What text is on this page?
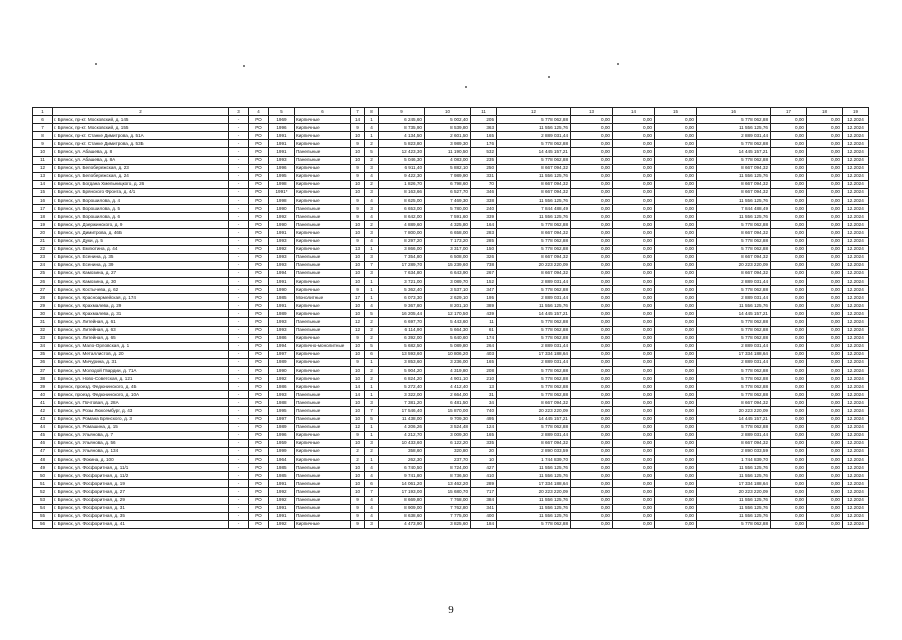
1	2	3	4	5	6	7	8	9	10	11	12	13	14	15	16	17	18	19
6	г. Брянск, пр-кт. Московский, д. 145	-	РО	1969	Кирпичные	14	1	6 245,60	5 002,40	205	5 778 062,88	0,00	0,00	0,00	5 778 062,88	0,00	0,00	12.2024
7	г. Брянск, пр-кт. Московский, д. 155	-	РО	1996	Кирпичные	9	4	8 735,90	8 539,80	363	11 556 125,76	0,00	0,00	0,00	11 556 125,76	0,00	0,00	12.2024
8	г. Брянск, пр-кт. Станке Димитрова, д. 51А	-	РО	1991	Кирпичные	10	1	4 134,50	2 601,50	165	2 889 031,44	0,00	0,00	0,00	2 889 031,44	0,00	0,00	12.2024
9	г. Брянск, пр-кт. Станке Димитрова, д. 53Б	-	РО	1991	Кирпичные	9	2	5 823,80	3 989,30	176	5 778 062,88	0,00	0,00	0,00	5 778 062,88	0,00	0,00	12.2024
10	г. Брянск, ул. Абашева, д. 8	-	РО	1991	Панельные	10	5	12 423,30	11 190,50	532	14 445 157,21	0,00	0,00	0,00	14 445 157,21	0,00	0,00	12.2024
11	г. Брянск, ул. Абашева, д. 8А	-	РО	1993	Панельные	10	2	5 046,30	4 083,00	235	5 778 062,88	0,00	0,00	0,00	5 778 062,88	0,00	0,00	12.2024
12	г. Брянск, ул. Белобережская, д. 23	-	РО	1996	Кирпичные	9	3	6 911,40	5 882,10	250	8 667 094,32	0,00	0,00	0,00	8 667 094,32	0,00	0,00	12.2024
13	г. Брянск, ул. Белобережская, д. 24	-	РО	1995	Кирпичные	9	4	9 422,30	7 989,90	331	11 556 125,76	0,00	0,00	0,00	11 556 125,76	0,00	0,00	12.2024
14	г. Брянск, ул. Богдана Хмельницкого, д. 26	-	РО	1998	Кирпичные	10	2	1 826,70	6 798,60	70	8 667 094,32	0,00	0,00	0,00	8 667 094,32	0,00	0,00	12.2024
15	г. Брянск, ул. Брянского Фронта, д. 4/1	-	РО	1991*	Кирпичные	10	3	8 163,66	6 527,70	346	8 667 094,32	0,00	0,00	0,00	8 667 094,32	0,00	0,00	12.2024
16	г. Брянск, ул. Ворошилова, д. 4	-	РО	1998	Кирпичные	9	4	8 625,00	7 469,30	338	11 556 125,76	0,00	0,00	0,00	11 556 125,76	0,00	0,00	12.2024
17	г. Брянск, ул. Ворошилова, д. 5	-	РО	1990	Панельные	9	3	6 653,00	5 780,00	240	7 844 488,49	0,00	0,00	0,00	7 844 488,49	0,00	0,00	12.2024
18	г. Брянск, ул. Ворошилова, д. 6	-	РО	1992	Панельные	9	4	8 642,00	7 591,60	339	11 556 125,76	0,00	0,00	0,00	11 556 125,76	0,00	0,00	12.2024
19	г. Брянск, ул. Дзержинского, д. 9	-	РО	1990	Панельные	10	2	4 889,60	4 325,80	164	5 778 062,88	0,00	0,00	0,00	5 778 062,88	0,00	0,00	12.2024
20	г. Брянск, ул. Димитрова, д. 46Б	-	РО	1991	Кирпичные	10	3	7 800,00	6 658,00	283	8 667 094,32	0,00	0,00	0,00	8 667 094,32	0,00	0,00	12.2024
21	г. Брянск, ул. Дуки, д. 5	-	РО	1993	Кирпичные	9	4	8 297,20	7 173,20	285	5 778 062,88	0,00	0,00	0,00	5 778 062,88	0,00	0,00	12.2024
22	г. Брянск, ул. Емлютина, д. 44	-	РО	1992	Кирпичные	13	1	3 866,00	3 317,00	150	5 778 062,88	0,00	0,00	0,00	5 778 062,88	0,00	0,00	12.2024
23	г. Брянск, ул. Есенина, д. 35	-	РО	1993	Панельные	10	3	7 354,80	6 508,00	326	8 667 094,32	0,00	0,00	0,00	8 667 094,32	0,00	0,00	12.2024
24	г. Брянск, ул. Есенина, д. 39	-	РО	1993	Панельные	10	7	17 289,70	15 239,60	738	20 223 220,09	0,00	0,00	0,00	20 223 220,09	0,00	0,00	12.2024
25	г. Брянск, ул. Камозина, д. 27	-	РО	1994	Панельные	10	3	7 634,80	6 643,90	267	8 667 094,32	0,00	0,00	0,00	8 667 094,32	0,00	0,00	12.2024
26	г. Брянск, ул. Камозина, д. 30	-	РО	1991	Кирпичные	10	1	3 721,00	3 089,70	152	2 889 031,44	0,00	0,00	0,00	2 889 031,44	0,00	0,00	12.2024
27	г. Брянск, ул. Костычева, д. 62	-	РО	1990	Кирпичные	9	1	5 362,40	3 537,10	347	5 778 062,88	0,00	0,00	0,00	5 778 062,88	0,00	0,00	12.2024
28	г. Брянск, ул. Красноармейская, д. 174	-	РО	1985	Монолитные	17	1	6 073,30	2 629,10	195	2 889 031,44	0,00	0,00	0,00	2 889 031,44	0,00	0,00	12.2024
29	г. Брянск, ул. Крахмалева, д. 29	-	РО	1991	Кирпичные	10	4	9 367,80	8 201,10	389	11 556 125,76	0,00	0,00	0,00	11 556 125,76	0,00	0,00	12.2024
30	г. Брянск, ул. Крахмалева, д. 31	-	РО	1989	Кирпичные	10	5	16 205,44	12 170,50	439	14 445 157,21	0,00	0,00	0,00	14 445 157,21	0,00	0,00	12.2024
31	г. Брянск, ул. Литейная, д. 61	-	РО	1993	Панельные	12	2	6 697,70	5 443,60	11	5 778 062,88	0,00	0,00	0,00	5 778 062,88	0,00	0,00	12.2024
32	г. Брянск, ул. Литейная, д. 63	-	РО	1993	Панельные	12	2	6 114,90	5 664,30	61	5 778 062,88	0,00	0,00	0,00	5 778 062,88	0,00	0,00	12.2024
33	г. Брянск, ул. Литейная, д. 65	-	РО	1986	Кирпичные	9	2	6 392,00	5 640,60	174	5 778 062,88	0,00	0,00	0,00	5 778 062,88	0,00	0,00	12.2024
34	г. Брянск, ул. Мало-Орловская, д. 1	-	РО	1994	Кирпично-монолитные	10	5	5 682,50	5 089,80	264	2 889 031,44	0,00	0,00	0,00	2 889 031,44	0,00	0,00	12.2024
35	г. Брянск, ул. Металлистов, д. 20	-	РО	1997	Кирпичные	10	6	13 593,60	10 806,20	403	17 334 188,64	0,00	0,00	0,00	17 334 188,64	0,00	0,00	12.2024
36	г. Брянск, ул. Мичурина, д. 31	-	РО	1989	Кирпичные	9	1	3 853,60	3 236,00	165	2 889 031,44	0,00	0,00	0,00	2 889 031,44	0,00	0,00	12.2024
37	г. Брянск, ул. Молодой Гвардии, д. 71А	-	РО	1990	Кирпичные	10	2	5 904,20	4 319,80	208	5 778 062,88	0,00	0,00	0,00	5 778 062,88	0,00	0,00	12.2024
38	г. Брянск, ул. Ново-Советская, д. 121	-	РО	1992	Кирпичные	10	2	6 824,20	4 901,10	210	5 778 062,88	0,00	0,00	0,00	5 778 062,88	0,00	0,00	12.2024
39	г. Брянск, проезд. Федюнинского, д. 4Б	-	РО	1986	Кирпичные	14	1	5 272,40	4 412,40	13	5 778 062,88	0,00	0,00	0,00	5 778 062,88	0,00	0,00	12.2024
40	г. Брянск, проезд. Федюнинского, д. 10А	-	РО	1993	Панельные	14	1	3 322,00	2 664,00	31	5 778 062,88	0,00	0,00	0,00	5 778 062,88	0,00	0,00	12.2024
41	г. Брянск, ул. Почтовая, д. 28А	-	РО	1988	Панельные	10	3	7 381,20	6 481,50	34	8 667 094,32	0,00	0,00	0,00	8 667 094,32	0,00	0,00	12.2024
42	г. Брянск, ул. Розы Люксембург, д. 43	-	РО	1995	Панельные	10	7	17 546,40	15 870,00	740	20 223 220,09	0,00	0,00	0,00	20 223 220,09	0,00	0,00	12.2024
43	г. Брянск, ул. Романа Брянского, д. 3	-	РО	1997	Панельные	10	5	11 438,00	9 709,30	495	14 445 157,21	0,00	0,00	0,00	14 445 157,21	0,00	0,00	12.2024
44	г. Брянск, ул. Ромашина, д. 15	-	РО	1989	Панельные	12	1	4 206,26	3 524,48	124	5 778 062,88	0,00	0,00	0,00	5 778 062,88	0,00	0,00	12.2024
45	г. Брянск, ул. Ульянова, д. 7	-	РО	1996	Кирпичные	9	1	4 212,70	3 009,30	165	2 889 031,44	0,00	0,00	0,00	2 889 031,44	0,00	0,00	12.2024
46	г. Брянск, ул. Ульянова, д. 56	-	РО	1959	Кирпичные	10	3	10 433,60	6 122,20	335	8 667 094,32	0,00	0,00	0,00	8 667 094,32	0,00	0,00	12.2024
47	г. Брянск, ул. Ульянова, д. 134	-	РО	1999	Кирпичные	2	2	358,60	320,80	20	2 890 033,59	0,00	0,00	0,00	2 890 033,59	0,00	0,00	12.2024
48	г. Брянск, ул. Фокина, д. 100	-	РО	1964	Кирпичные	2	1	262,30	237,70	10	1 744 839,70	0,00	0,00	0,00	1 744 839,70	0,00	0,00	12.2024
49	г. Брянск, ул. Фосфоритная, д. 11/1	-	РО	1985	Панельные	10	4	6 740,50	8 724,00	427	11 556 125,76	0,00	0,00	0,00	11 556 125,76	0,00	0,00	12.2024
50	г. Брянск, ул. Фосфоритная, д. 11/2	-	РО	1985	Панельные	10	4	9 741,80	8 736,50	410	11 556 125,76	0,00	0,00	0,00	11 556 125,76	0,00	0,00	12.2024
51	г. Брянск, ул. Фосфоритная, д. 19	-	РО	1991	Панельные	10	6	14 061,20	13 462,20	289	17 334 188,64	0,00	0,00	0,00	17 334 188,64	0,00	0,00	12.2024
52	г. Брянск, ул. Фосфоритная, д. 27	-	РО	1992	Панельные	10	7	17 193,00	15 680,70	717	20 223 220,09	0,00	0,00	0,00	20 223 220,09	0,00	0,00	12.2024
53	г. Брянск, ул. Фосфоритная, д. 29	-	РО	1992	Панельные	9	4	8 669,80	7 768,00	384	11 556 125,76	0,00	0,00	0,00	11 556 125,76	0,00	0,00	12.2024
54	г. Брянск, ул. Фосфоритная, д. 31	-	РО	1991	Панельные	9	4	8 909,00	7 762,80	341	11 556 125,76	0,00	0,00	0,00	11 556 125,76	0,00	0,00	12.2024
55	г. Брянск, ул. Фосфоритная, д. 35	-	РО	1991	Панельные	9	4	8 638,60	7 775,00	400	11 556 125,76	0,00	0,00	0,00	11 556 125,76	0,00	0,00	12.2024
56	г. Брянск, ул. Фосфоритная, д. 41	-	РО	1992	Кирпичные	9	3	4 473,90	3 825,60	184	5 778 062,88	0,00	0,00	0,00	5 778 062,88	0,00	0,00	12.2024
9
